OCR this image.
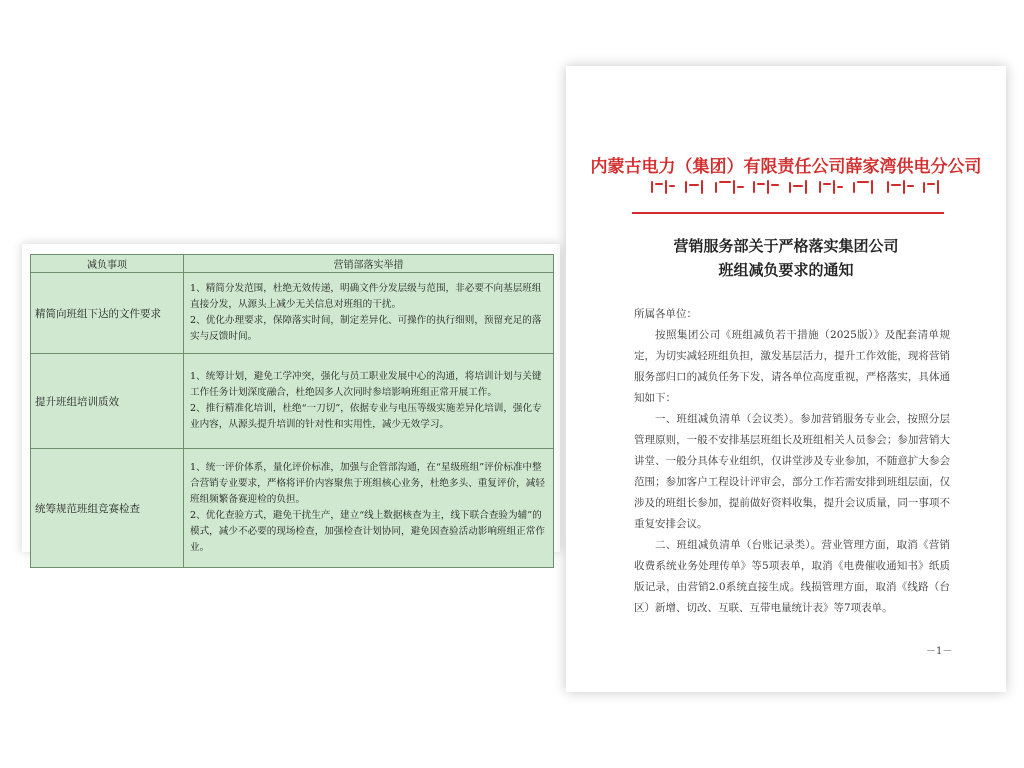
减负事项	营销部落实举措
精简向班组下达的文件要求	1、精简分发范围，杜绝无效传递，明确文件分发层级与范围，非必要不向基层班组直接分发，从源头上减少无关信息对班组的干扰。

2、优化办理要求，保障落实时间，制定差异化、可操作的执行细则，预留充足的落实与反馈时间。

提升班组培训质效	1、统筹计划，避免工学冲突，强化与员工职业发展中心的沟通，将培训计划与关键工作任务计划深度融合，杜绝因多人次同时参培影响班组正常开展工作。

2、推行精准化培训，杜绝“一刀切”，依据专业与电压等级实施差异化培训，强化专业内容，从源头提升培训的针对性和实用性，减少无效学习。

统筹规范班组竞赛检查	1、统一评价体系，量化评价标准，加强与企管部沟通，在“星级班组”评价标准中整合营销专业要求，严格将评价内容聚焦于班组核心业务，杜绝多头、重复评价，减轻班组频繁备赛迎检的负担。

2、优化查验方式，避免干扰生产，建立“线上数据核查为主，线下联合查验为辅”的模式，减少不必要的现场检查，加强检查计划协同，避免因查验活动影响班组正常作业。

内蒙古电力（集团）有限责任公司薛家湾供电分公司
营销服务部关于严格落实集团公司
班组减负要求的通知

所属各单位：

按照集团公司《班组减负若干措施（2025版）》及配套清单规定，为切实减轻班组负担，激发基层活力，提升工作效能，现将营销服务部归口的减负任务下发，请各单位高度重视，严格落实，具体通知如下：

一、班组减负清单（会议类）。参加营销服务专业会，按照分层管理原则，一般不安排基层班组长及班组相关人员参会；参加营销大讲堂、一般分具体专业组织，仅讲堂涉及专业参加，不随意扩大参会范围；参加客户工程设计评审会，部分工作若需安排到班组层面，仅涉及的班组长参加，提前做好资料收集，提升会议质量，同一事项不重复安排会议。

二、班组减负清单（台账记录类）。营业管理方面，取消《营销收费系统业务处理传单》等5项表单，取消《电费催收通知书》纸质版记录，由营销2.0系统直接生成。线损管理方面，取消《线路（台区）新增、切改、互联、互带电量统计表》等7项表单。

－1－
